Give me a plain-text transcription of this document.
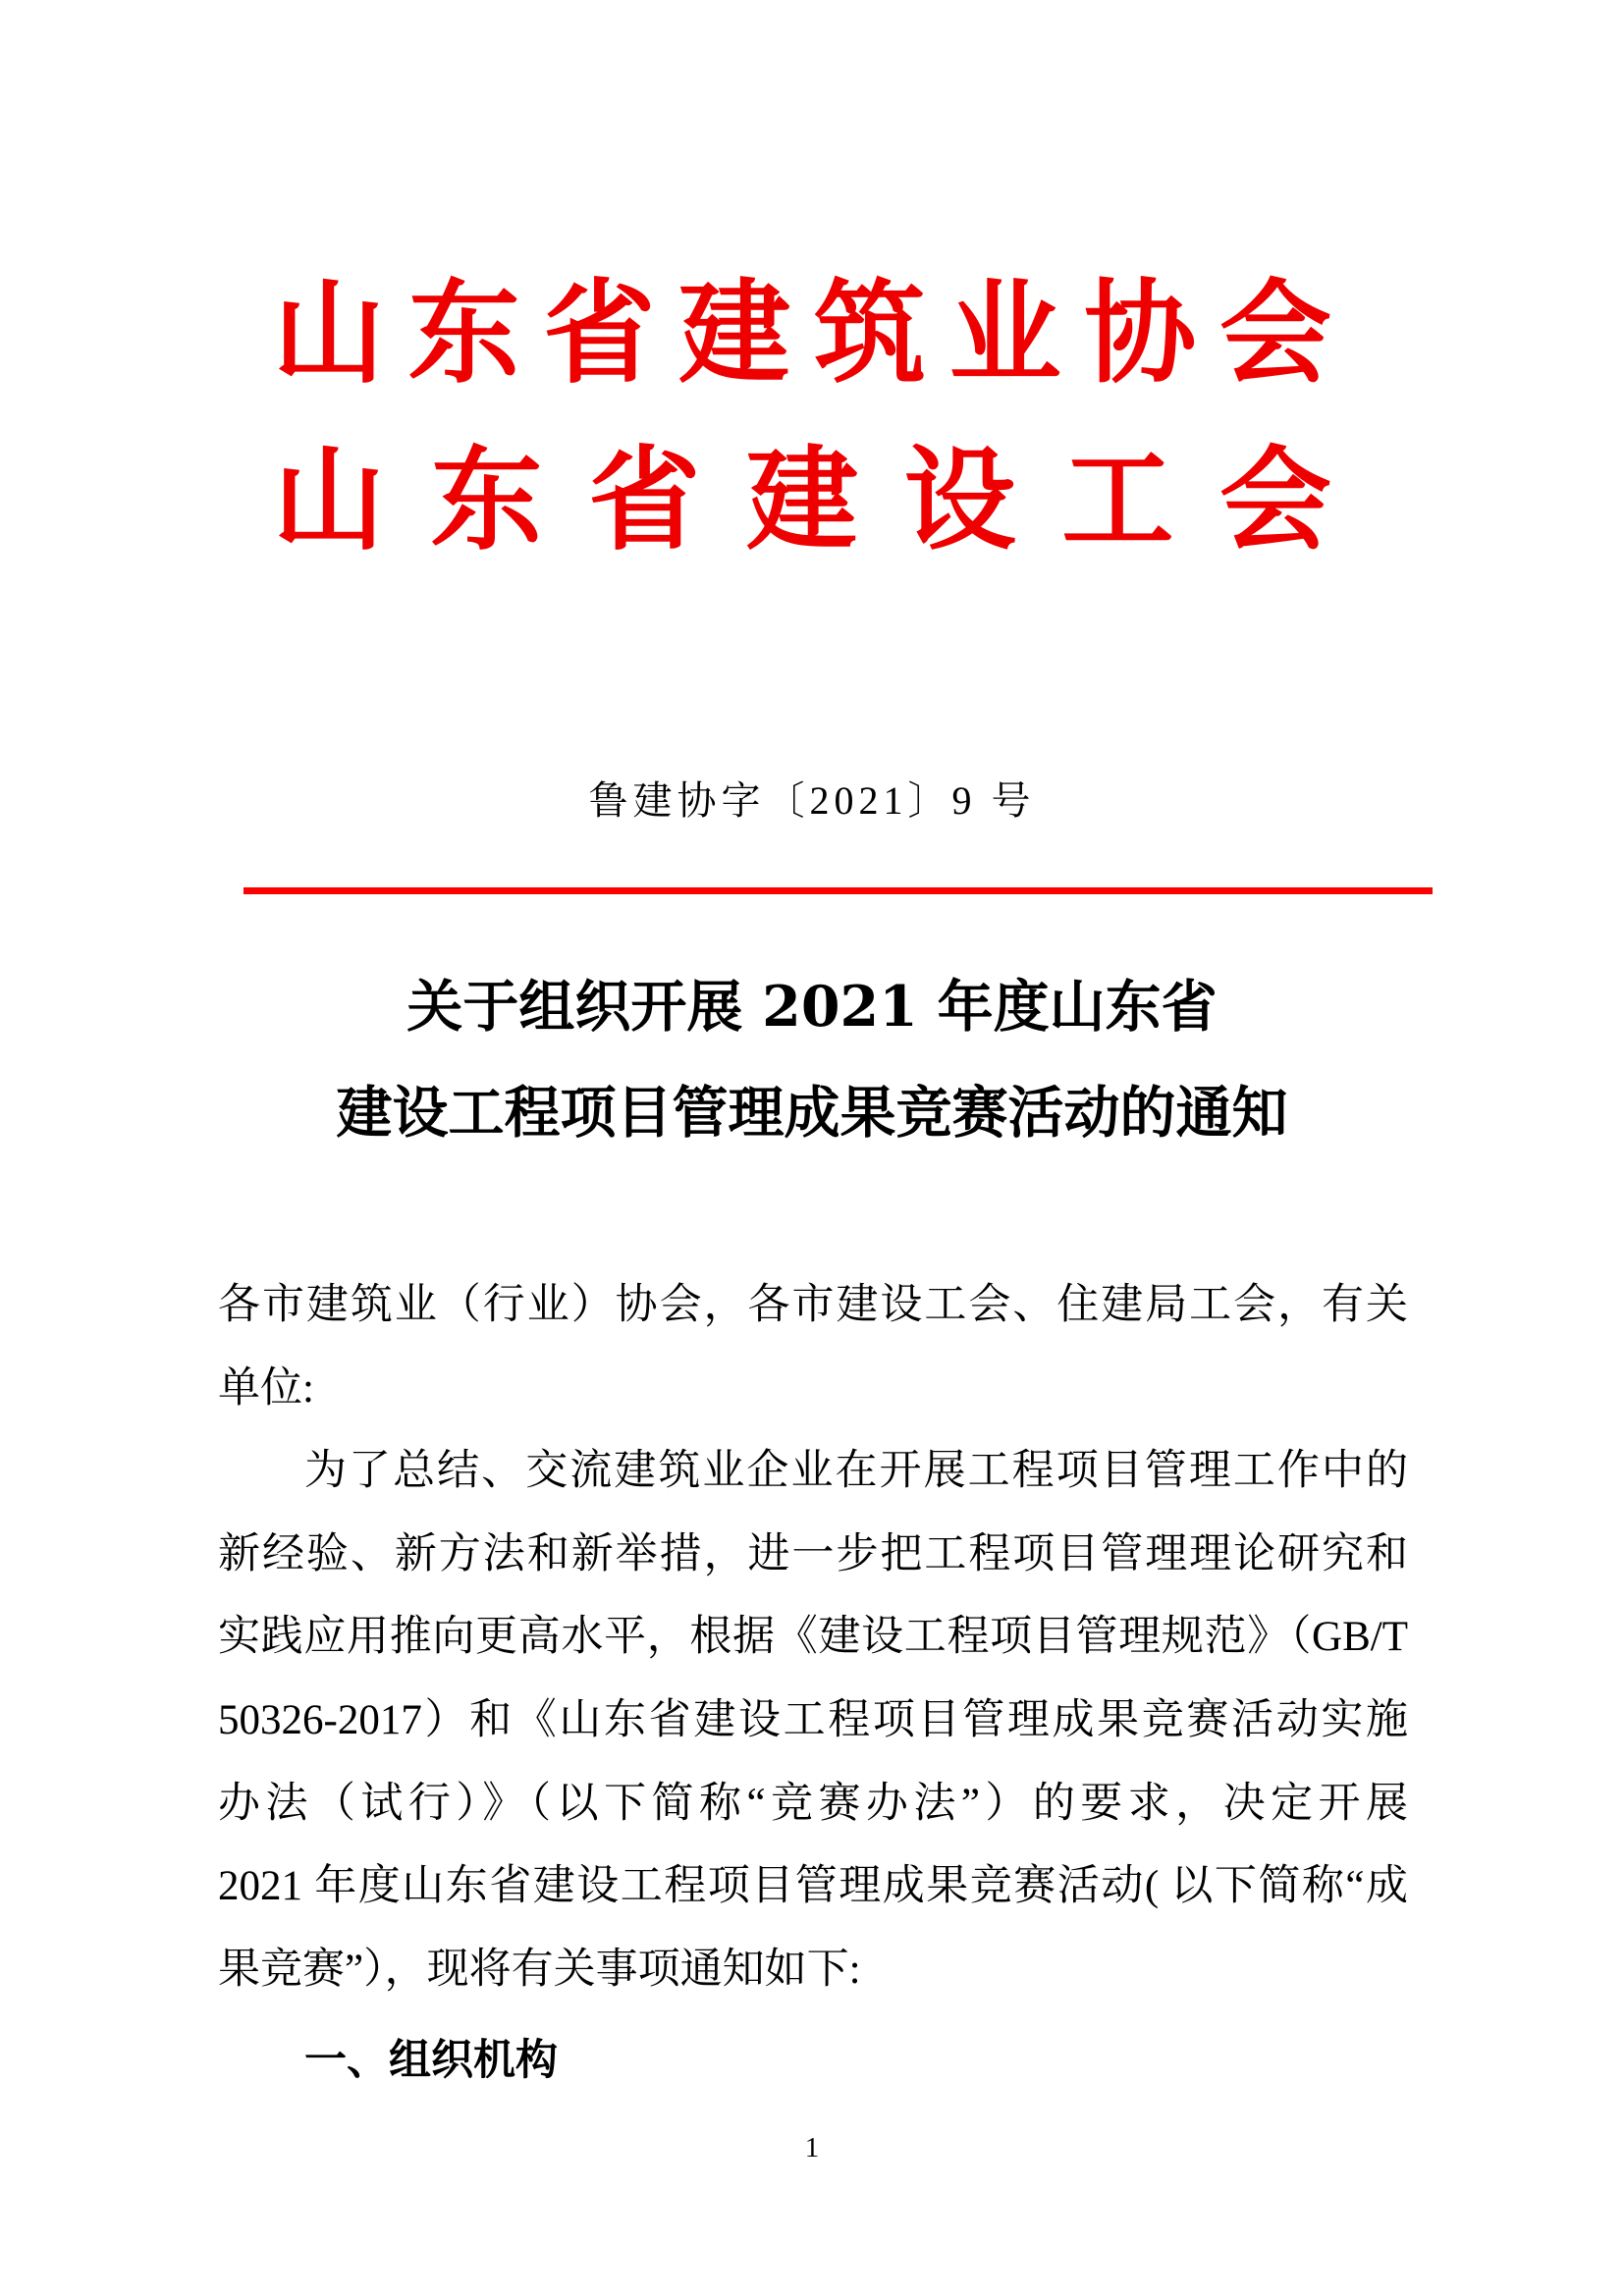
山东省建筑业协会
山东省建设工会
鲁建协字〔2021〕9 号
关于组织开展 2021 年度山东省
建设工程项目管理成果竞赛活动的通知
各市建筑业（行业）协会，各市建设工会、住建局工会，有关
单位:
为了总结、交流建筑业企业在开展工程项目管理工作中的
新经验、新方法和新举措，进一步把工程项目管理理论研究和
实践应用推向更高水平，根据《建设工程项目管理规范》（GB/T
50326-2017）和《山东省建设工程项目管理成果竞赛活动实施
办法（试行）》（以下简称“竞赛办法”）的要求，决定开展
2021 年度山东省建设工程项目管理成果竞赛活动( 以下简称“成
果竞赛”），现将有关事项通知如下:
一、组织机构
1
